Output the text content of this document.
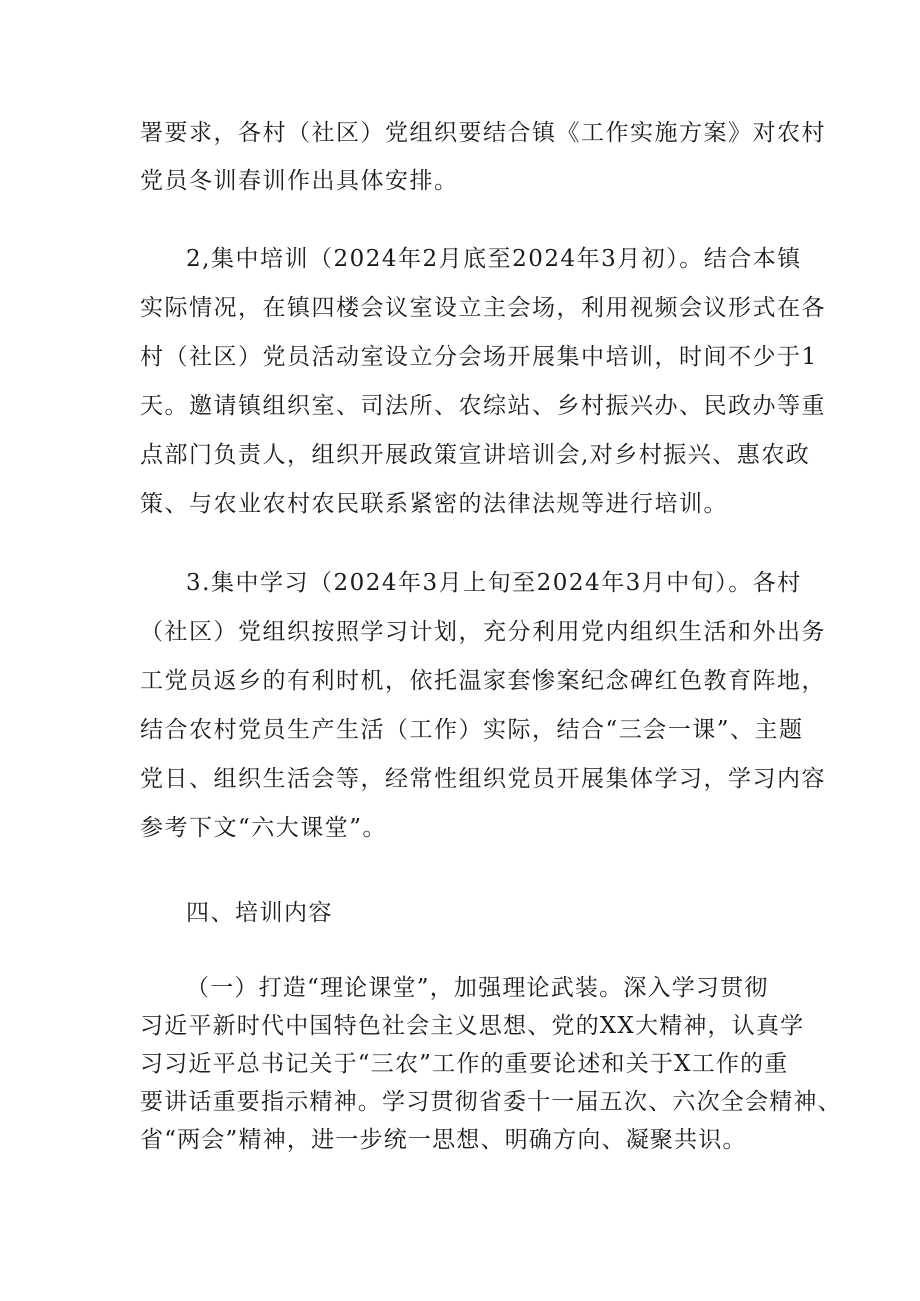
署要求，各村（社区）党组织要结合镇《工作实施方案》对农村
党员冬训春训作出具体安排。
2,集中培训（2024年2月底至2024年3月初）。结合本镇
实际情况，在镇四楼会议室设立主会场，利用视频会议形式在各
村（社区）党员活动室设立分会场开展集中培训，时间不少于1
天。邀请镇组织室、司法所、农综站、乡村振兴办、民政办等重
点部门负责人，组织开展政策宣讲培训会,对乡村振兴、惠农政
策、与农业农村农民联系紧密的法律法规等进行培训。
3.集中学习（2024年3月上旬至2024年3月中旬）。各村
（社区）党组织按照学习计划，充分利用党内组织生活和外出务
工党员返乡的有利时机，依托温家套惨案纪念碑红色教育阵地，
结合农村党员生产生活（工作）实际，结合“三会一课”、主题
党日、组织生活会等，经常性组织党员开展集体学习，学习内容
参考下文“六大课堂”。
四、培训内容
（一）打造“理论课堂”，加强理论武装。深入学习贯彻
习近平新时代中国特色社会主义思想、党的XX大精神，认真学
习习近平总书记关于“三农”工作的重要论述和关于X工作的重
要讲话重要指示精神。学习贯彻省委十一届五次、六次全会精神、
省“两会”精神，进一步统一思想、明确方向、凝聚共识。
